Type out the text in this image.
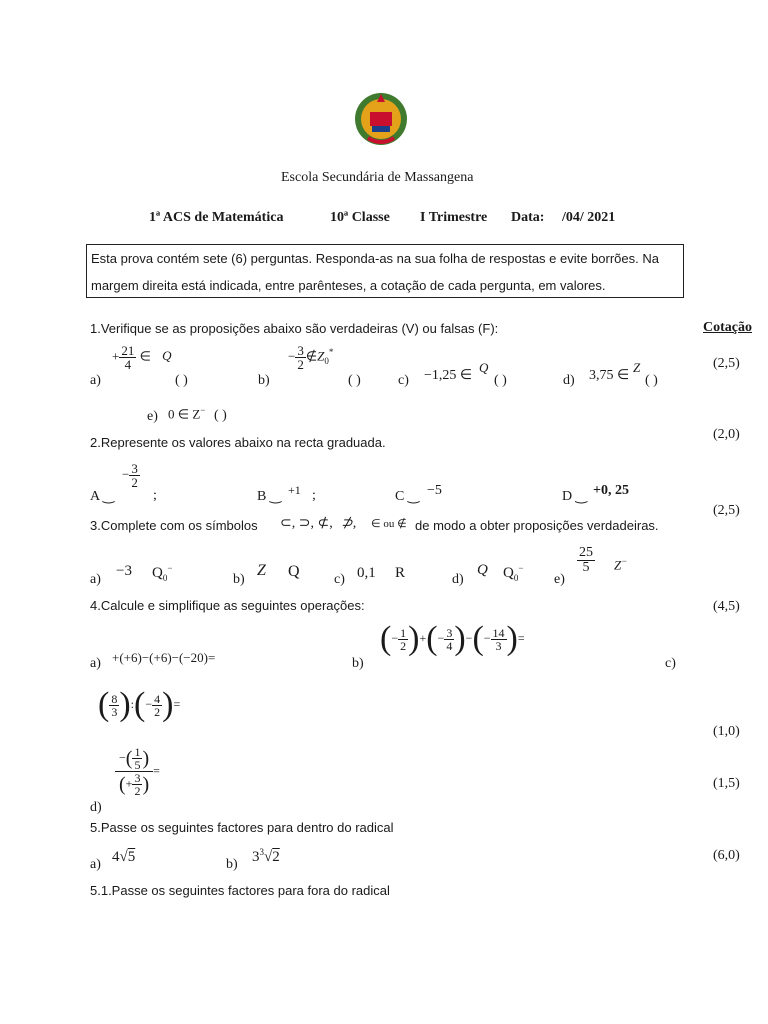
Escola Secundária de Massangena
1ª ACS de Matemática	10ª Classe I Trimestre Data: /04/ 2021
Esta prova contém sete (6) perguntas. Responda-as na sua folha de respostas e evite borrões. Na
margem direita está indicada, entre parênteses, a cotação de cada pergunta, em valores.
Cotação
(2,5)
(2,0)
(2,5)
(4,5)
(1,0)
(1,5)
(6,0)
1.Verifique se as proposições abaixo são verdadeiras (V) ou falsas (F):
a)
+ $\frac{21}{4}$ ∈ Q
( )	b)
− $\frac{3}{2}$ $\notin Z_0^*$
( )	c) −1,25 ∈
Q
( )	d) 3,75 ∈
Z
( )
e) 0 ∈ Z− ( )
2.Represente os valores abaixo na recta graduada.
A ‿
− $\frac{3}{2}$
;	B ‿ +1 ;	C ‿ −5	D ‿ +0, 25
3.Complete com os símbolos ⊂, ⊃, ⊄, ⊅, ∈ ou ∉ de modo a obter proposições verdadeiras.
a)
−3 $Q_0^-$
b)
Z Q c) 0,1 R	d)
Q $Q_0^-$
e)
$\frac{25}{5} Z^-$
4.Calcule e simplifique as seguintes operações:
a) +(+6)−(+6)−(−20)=	b)
(− $\frac{1}{2}$ )+(− $\frac{3}{4}$ )−(− $\frac{14}{3}$ )=
c)
( $\frac{8}{3}$ ):(− $\frac{4}{2}$ )=
$\frac{-( \frac{1}{5} )}{(+ \frac{3}{2} )}$ =
d)
5.Passe os seguintes factores para dentro do radical
a) 4√5	b) $3^3√2$
5.1.Passe os seguintes factores para fora do radical
